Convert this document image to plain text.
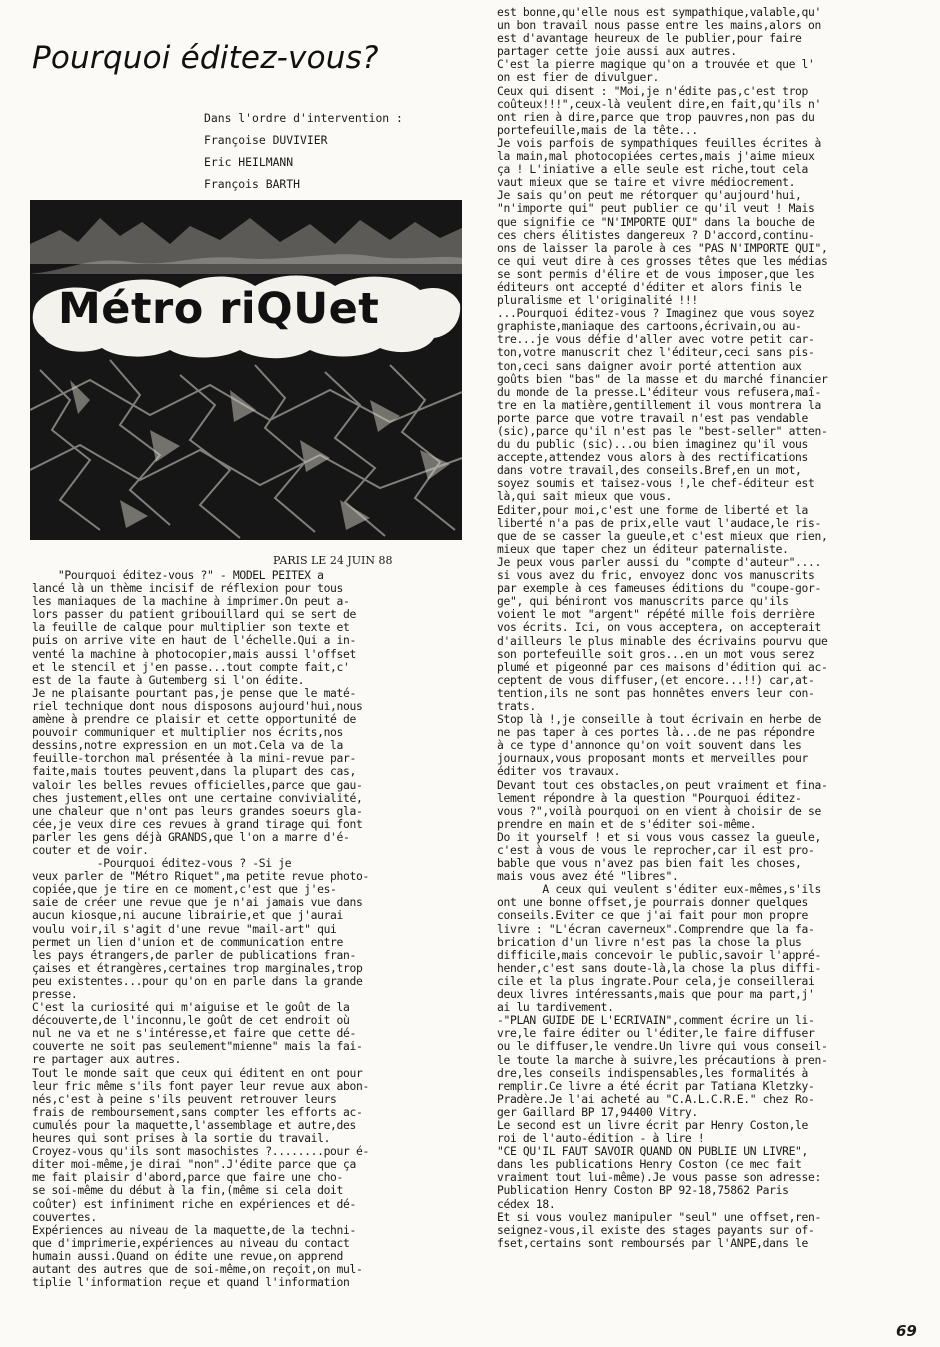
Pourquoi éditez-vous?
Dans l'ordre d'intervention :
Françoise DUVIVIER
Eric HEILMANN
François BARTH
Métro riQUet
PARIS LE 24 JUIN 88

"Pourquoi éditez-vous ?" - MODEL PEITEX a

lancé là un thème incisif de réflexion pour tous

les maniaques de la machine à imprimer.On peut a-

lors passer du patient gribouillard qui se sert de

la feuille de calque pour multiplier son texte et

puis on arrive vite en haut de l'échelle.Qui a in-

venté la machine à photocopier,mais aussi l'offset

et le stencil et j'en passe...tout compte fait,c'

est de la faute à Gutemberg si l'on édite.

Je ne plaisante pourtant pas,je pense que le maté-

riel technique dont nous disposons aujourd'hui,nous

amène à prendre ce plaisir et cette opportunité de

pouvoir communiquer et multiplier nos écrits,nos

dessins,notre expression en un mot.Cela va de la

feuille-torchon mal présentée à la mini-revue par-

faite,mais toutes peuvent,dans la plupart des cas,

valoir les belles revues officielles,parce que gau-

ches justement,elles ont une certaine convivialité,

une chaleur que n'ont pas leurs grandes soeurs gla-

cée,je veux dire ces revues à grand tirage qui font

parler les gens déjà GRANDS,que l'on a marre d'é-

couter et de voir.

-Pourquoi éditez-vous ? -Si je

veux parler de "Métro Riquet",ma petite revue photo-

copiée,que je tire en ce moment,c'est que j'es-

saie de créer une revue que je n'ai jamais vue dans

aucun kiosque,ni aucune librairie,et que j'aurai

voulu voir,il s'agit d'une revue "mail-art" qui

permet un lien d'union et de communication entre

les pays étrangers,de parler de publications fran-

çaises et étrangères,certaines trop marginales,trop

peu existentes...pour qu'on en parle dans la grande

presse.

C'est la curiosité qui m'aiguise et le goût de la

découverte,de l'inconnu,le goût de cet endroit où

nul ne va et ne s'intéresse,et faire que cette dé-

couverte ne soit pas seulement"mienne" mais la fai-

re partager aux autres.

Tout le monde sait que ceux qui éditent en ont pour

leur fric même s'ils font payer leur revue aux abon-

nés,c'est à peine s'ils peuvent retrouver leurs

frais de remboursement,sans compter les efforts ac-

cumulés pour la maquette,l'assemblage et autre,des

heures qui sont prises à la sortie du travail.

Croyez-vous qu'ils sont masochistes ?........pour é-

diter moi-même,je dirai "non".J'édite parce que ça

me fait plaisir d'abord,parce que faire une cho-

se soi-même du début à la fin,(même si cela doit

coûter) est infiniment riche en expériences et dé-

couvertes.

Expériences au niveau de la maquette,de la techni-

que d'imprimerie,expériences au niveau du contact

humain aussi.Quand on édite une revue,on apprend

autant des autres que de soi-même,on reçoit,on mul-

tiplie l'information reçue et quand l'information

est bonne,qu'elle nous est sympathique,valable,qu'

un bon travail nous passe entre les mains,alors on

est d'avantage heureux de le publier,pour faire

partager cette joie aussi aux autres.

C'est la pierre magique qu'on a trouvée et que l'

on est fier de divulguer.

Ceux qui disent : "Moi,je n'édite pas,c'est trop

coûteux!!!",ceux-là veulent dire,en fait,qu'ils n'

ont rien à dire,parce que trop pauvres,non pas du

portefeuille,mais de la tête...

Je vois parfois de sympathiques feuilles écrites à

la main,mal photocopiées certes,mais j'aime mieux

ça ! L'iniative a elle seule est riche,tout cela

vaut mieux que se taire et vivre médiocrement.

Je sais qu'on peut me rétorquer qu'aujourd'hui,

"n'importe qui" peut publier ce qu'il veut ! Mais

que signifie ce "N'IMPORTE QUI" dans la bouche de

ces chers élitistes dangereux ? D'accord,continu-

ons de laisser la parole à ces "PAS N'IMPORTE QUI",

ce qui veut dire à ces grosses têtes que les médias

se sont permis d'élire et de vous imposer,que les

éditeurs ont accepté d'éditer et alors finis le

pluralisme et l'originalité !!!

...Pourquoi éditez-vous ? Imaginez que vous soyez

graphiste,maniaque des cartoons,écrivain,ou au-

tre...je vous défie d'aller avec votre petit car-

ton,votre manuscrit chez l'éditeur,ceci sans pis-

ton,ceci sans daigner avoir porté attention aux

goûts bien "bas" de la masse et du marché financier

du monde de la presse.L'éditeur vous refusera,maî-

tre en la matière,gentillement il vous montrera la

porte parce que votre travail n'est pas vendable

(sic),parce qu'il n'est pas le "best-seller" atten-

du du public (sic)...ou bien imaginez qu'il vous

accepte,attendez vous alors à des rectifications

dans votre travail,des conseils.Bref,en un mot,

soyez soumis et taisez-vous !,le chef-éditeur est

là,qui sait mieux que vous.

Editer,pour moi,c'est une forme de liberté et la

liberté n'a pas de prix,elle vaut l'audace,le ris-

que de se casser la gueule,et c'est mieux que rien,

mieux que taper chez un éditeur paternaliste.

Je peux vous parler aussi du "compte d'auteur"....

si vous avez du fric, envoyez donc vos manuscrits

par exemple à ces fameuses éditions du "coupe-gor-

ge", qui béniront vos manuscrits parce qu'ils

voient le mot "argent" répété mille fois derrière

vos écrits. Ici, on vous acceptera, on accepterait

d'ailleurs le plus minable des écrivains pourvu que

son portefeuille soit gros...en un mot vous serez

plumé et pigeonné par ces maisons d'édition qui ac-

ceptent de vous diffuser,(et encore...!!) car,at-

tention,ils ne sont pas honnêtes envers leur con-

trats.

Stop là !,je conseille à tout écrivain en herbe de

ne pas taper à ces portes là...de ne pas répondre

à ce type d'annonce qu'on voit souvent dans les

journaux,vous proposant monts et merveilles pour

éditer vos travaux.

Devant tout ces obstacles,on peut vraiment et fina-

lement répondre à la question "Pourquoi éditez-

vous ?",voilà pourquoi on en vient à choisir de se

prendre en main et de s'éditer soi-même.

Do it yourself ! et si vous vous cassez la gueule,

c'est à vous de vous le reprocher,car il est pro-

bable que vous n'avez pas bien fait les choses,

mais vous avez été "libres".

A ceux qui veulent s'éditer eux-mêmes,s'ils

ont une bonne offset,je pourrais donner quelques

conseils.Eviter ce que j'ai fait pour mon propre

livre : "L'écran caverneux".Comprendre que la fa-

brication d'un livre n'est pas la chose la plus

difficile,mais concevoir le public,savoir l'appré-

hender,c'est sans doute-là,la chose la plus diffi-

cile et la plus ingrate.Pour cela,je conseillerai

deux livres intéressants,mais que pour ma part,j'

ai lu tardivement.

-"PLAN GUIDE DE L'ECRIVAIN",comment écrire un li-

vre,le faire éditer ou l'éditer,le faire diffuser

ou le diffuser,le vendre.Un livre qui vous conseil-

le toute la marche à suivre,les précautions à pren-

dre,les conseils indispensables,les formalités à

remplir.Ce livre a été écrit par Tatiana Kletzky-

Pradère.Je l'ai acheté au "C.A.L.C.R.E." chez Ro-

ger Gaillard BP 17,94400 Vitry.

Le second est un livre écrit par Henry Coston,le

roi de l'auto-édition - à lire !

"CE QU'IL FAUT SAVOIR QUAND ON PUBLIE UN LIVRE",

dans les publications Henry Coston (ce mec fait

vraiment tout lui-même).Je vous passe son adresse:

Publication Henry Coston BP 92-18,75862 Paris

cédex 18.

Et si vous voulez manipuler "seul" une offset,ren-

seignez-vous,il existe des stages payants sur of-

fset,certains sont remboursés par l'ANPE,dans le

69
